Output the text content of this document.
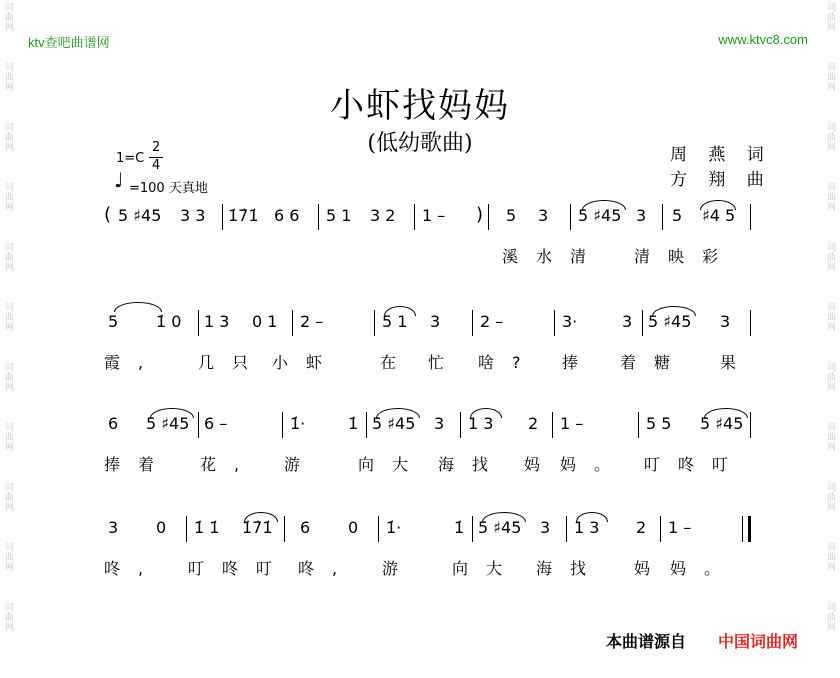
词曲网
词曲网
词曲网
词曲网
词曲网
词曲网
词曲网
词曲网
词曲网
词曲网
词曲网
词曲网
词曲网
词曲网
词曲网
词曲网
词曲网
词曲网
词曲网
词曲网
词曲网
词曲网
ktv查吧曲谱网	www.ktvc8.com
小虾找妈妈
(低幼歌曲)
1=C
2
4
♩ =100 天真地
周 燕 词
方 翔 曲
( 5 ♯45 3 3 1̇7̇1̇ 6 6 5 1 3 2 1 – ) 5 3 5 ♯45 3 5 ♯4 5
溪水清 清映彩
5 1̇ 0 1 3 0 1 2 –	5 1 3 2 –	3·	3 5 ♯45 3
霞, 几只 小虾 在 忙 啥? 捧 着糖 果
6 5 ♯45 6 –	1̇·	1̇ 5 ♯45 3 1 3 2 1 –	5 5 5 ♯45
捧着 花, 游 向大 海找 妈 妈。 叮咚叮
3 0 1̇ 1̇ 1̇7̇1̇ 6 0 1̇·	1̇ 5 ♯45 3 1 3 2 1 –
咚, 叮咚叮 咚, 游 向大 海找 妈 妈。
本曲谱源自 中国词曲网
